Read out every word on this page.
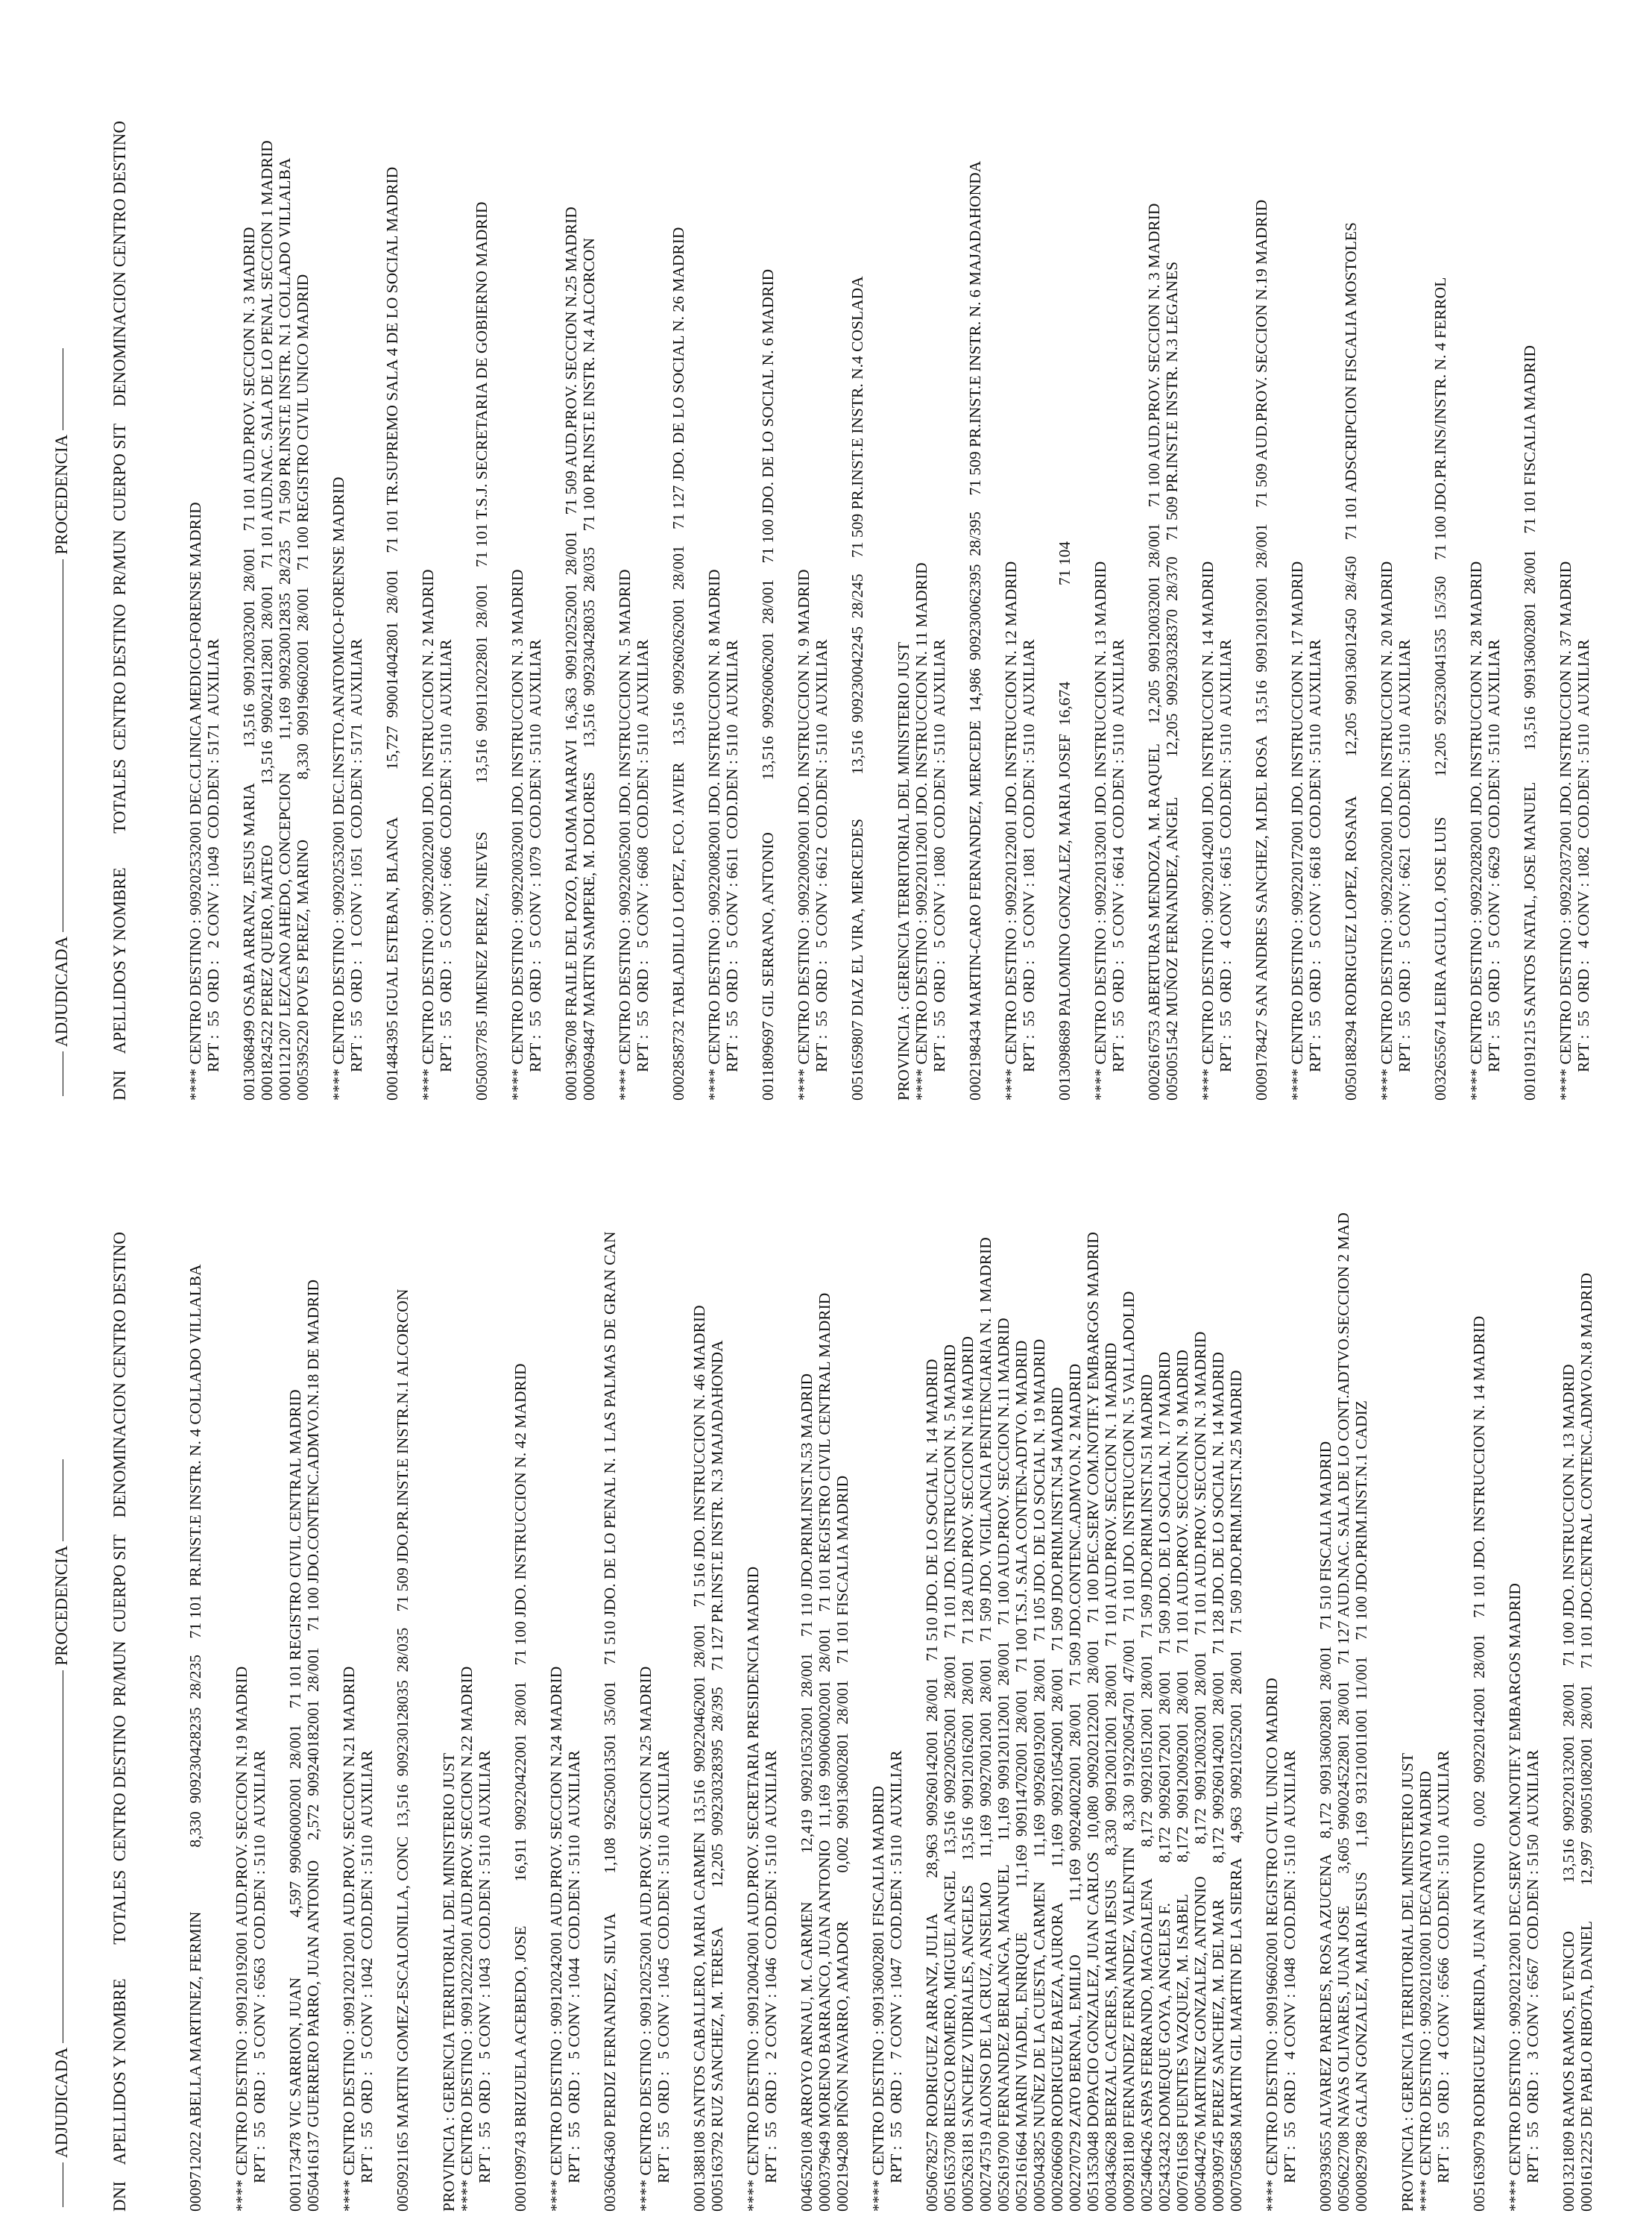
ADJUDICADAPROCEDENCIA

DNI    APELLIDOS Y NOMBRE        TOTALES  CENTRO DESTINO  PR/MUN  CUERPO SIT    DENOMINACION CENTRO DESTINO

	0009712022 ABELLA MARTINEZ, FERMIN                8,330  909230428235  28/235    71 101  PR.INST.E INSTR. N. 4 COLLADO VILLALBA **** CENTRO DESTINO : 909120192001 AUD.PROV. SECCION N.19 MADRID RPT :  55  ORD :   5 CONV : 6563  COD.DEN : 5110  AUXILIAR 0001173478 VIC SARRION, JUAN               4,597  990060002001  28/001    71 101 REGISTRO CIVIL CENTRAL MADRID 0050416137 GUERRERO PARRO, JUAN ANTONIO     2,572  909240182001  28/001    71 100 JDO.CONTENC.ADMVO.N.18 DE MADRID **** CENTRO DESTINO : 909120212001 AUD.PROV. SECCION N.21 MADRID RPT :  55  ORD :   5 CONV : 1042  COD.DEN : 5110  AUXILIAR 0050921165 MARTIN GOMEZ-ESCALONILLA, CONC  13,516  909230128035  28/035    71 509 JDO.PR.INST.E INSTR.N.1 ALCORCON PROVINCIA : GERENCIA TERRITORIAL DEL MINISTERIO JUST **** CENTRO DESTINO : 909120222001 AUD.PROV. SECCION N.22 MADRID RPT :  55  ORD :   5 CONV : 1043  COD.DEN : 5110  AUXILIAR 0001099743 BRIZUELA ACEBEDO, JOSE           16,911  909220422001  28/001    71 100 JDO. INSTRUCCION N. 42 MADRID **** CENTRO DESTINO : 909120242001 AUD.PROV. SECCION N.24 MADRID RPT :  55  ORD :   5 CONV : 1044  COD.DEN : 5110  AUXILIAR 0036064360 PERDIZ FERNANDEZ, SILVIA          1,108  926250013501  35/001    71 510 JDO. DE LO PENAL N. 1 LAS PALMAS DE GRAN CAN **** CENTRO DESTINO : 909120252001 AUD.PROV. SECCION N.25 MADRID RPT :  55  ORD :   5 CONV : 1045  COD.DEN : 5110  AUXILIAR 0001388108 SANTOS CABALLERO, MARIA CARMEN  13,516  909220462001  28/001    71 516 JDO. INSTRUCCION N. 46 MADRID 0005163792 RUZ SANCHEZ, M. TERESA          12,205  909230328395  28/395    71 127 PR.INST.E INSTR. N.3 MAJADAHONDA **** CENTRO DESTINO : 909120042001 AUD.PROV. SECRETARIA PRESIDENCIA MADRID RPT :  55  ORD :   2 CONV : 1046  COD.DEN : 5110  AUXILIAR 0046520108 ARROYO ARNAU, M. CARMEN            12,419  909210532001  28/001    71 110 JDO.PRIM.INST.N.53 MADRID 0000379649 MORENO BARRANCO, JUAN ANTONIO   11,169  990060002001  28/001    71 101 REGISTRO CIVIL CENTRAL MADRID 0002194208 PIÑON NAVARRO, AMADOR            0,002  909136002801  28/001    71 101 FISCALIA MADRID **** CENTRO DESTINO : 909136002801 FISCALIA MADRID RPT :  55  ORD :   7 CONV : 1047  COD.DEN : 5110  AUXILIAR 0050678257 RODRIGUEZ ARRANZ, JULIA         28,963  909260142001  28/001    71 510 JDO. DE LO SOCIAL N. 14 MADRID 0051653708 RIESCO ROMERO, MIGUEL ANGEL    13,516  909220052001  28/001    71 101 JDO. INSTRUCCION N. 5 MADRID 0005263181 SANCHEZ VIDRIALES, ANGELES      13,516  909120162001  28/001    71 128 AUD.PROV. SECCION N.16 MADRID 0002747519 ALONSO DE LA CRUZ, ANSELMO      11,169  909270012001  28/001    71 509 JDO. VIGILANCIA PENITENCIARIA N. 1 MADRID 0052619700 FERNANDEZ BERLANGA, MANUEL      11,169  909120112001  28/001    71 100 AUD.PROV. SECCION N.11 MADRID 0052161664 MARIN VIADEL, ENRIQUE           11,169  909114702001  28/001    71 100 T.S.J. SALA CONTEN-ADTVO. MADRID 0005043825 NUÑEZ DE LA CUESTA, CARMEN      11,169  909260192001  28/001    71 105 JDO. DE LO SOCIAL N. 19 MADRID 0002606609 RODRIGUEZ BAEZA, AURORA         11,169  909210542001  28/001    71 509 JDO.PRIM.INST.N.54 MADRID 0002270729 ZATO BERNAL, EMILIO             11,169  909240022001  28/001    71 509 JDO.CONTENC.ADMVO.N. 2 MADRID 0051353048 DOPACIO GONZALEZ, JUAN CARLOS   10,080  909202122001  28/001    71 100 DEC.SERV COM.NOTIF.Y EMBARGOS MADRID 0003436628 BERZAL CACERES, MARIA JESUS      8,330  909120012001  28/001    71 101 AUD.PROV. SECCION N. 1 MADRID 0009281180 FERNANDEZ FERNANDEZ, VALENTIN    8,330  919220054701  47/001    71 101 JDO. INSTRUCCION N. 5 VALLADOLID 0025406426 ASPAS FERRANDO, MAGDALENA        8,172  909210512001  28/001    71 509 JDO.PRIM.INST.N.51 MADRID 0025432432 DOMEQUE GOYA, ANGELES F.          8,172  909260172001  28/001    71 509 JDO. DE LO SOCIAL N. 17 MADRID 0007611658 FUENTES VAZQUEZ, M. ISABEL        8,172  909120092001  28/001    71 101 AUD.PROV. SECCION N. 9 MADRID 0005404276 MARTINEZ GONZALEZ, ANTONIO        8,172  909120032001  28/001    71 101 AUD.PROV. SECCION N. 3 MADRID 0009309745 PEREZ SANCHEZ, M. DEL MAR         8,172  909260142001  28/001    71 128 JDO. DE LO SOCIAL N. 14 MADRID 0007056858 MARTIN GIL MARTIN DE LA SIERRA    4,963  909210252001  28/001    71 509 JDO.PRIM.INST.N.25 MADRID **** CENTRO DESTINO : 909196602001 REGISTRO CIVIL UNICO MADRID RPT :  55  ORD :   4 CONV : 1048  COD.DEN : 5110  AUXILIAR 0009393655 ALVAREZ PAREDES, ROSA AZUCENA    8,172  909136002801  28/001    71 510 FISCALIA MADRID 0050622708 NAVAS OLIVARES, JUAN JOSE        3,605  990024522801  28/001    71 127 AUD.NAC. SALA DE LO CONT.ADTVO.SECCION 2 MAD 0000829788 GALAN GONZALEZ, MARIA JESUS      1,169  931210011001  11/001    71 100 JDO.PRIM.INST.N.1 CADIZ PROVINCIA : GERENCIA TERRITORIAL DEL MINISTERIO JUST **** CENTRO DESTINO : 909202102001 DECANATO MADRID RPT :  55  ORD :   4 CONV : 6566  COD.DEN : 5110  AUXILIAR 0051639079 RODRIGUEZ MERIDA, JUAN ANTONIO    0,002  909220142001  28/001    71 101 JDO. INSTRUCCION N. 14 MADRID **** CENTRO DESTINO : 909202122001 DEC.SERV COM.NOTIF.Y EMBARGOS MADRID RPT :  55  ORD :   3 CONV : 6567  COD.DEN : 5150  AUXILIAR 0001321809 RAMOS RAMOS, EVENCIO            13,516  909220132001  28/001    71 100 JDO. INSTRUCCION N. 13 MADRID 0001612225 DE PABLO RIBOTA, DANIEL         12,997  990051082001  28/001    71 101 JDO.CENTRAL CONTENC.ADMVO.N.8 MADRID

ADJUDICADAPROCEDENCIA

DNI    APELLIDOS Y NOMBRE        TOTALES  CENTRO DESTINO  PR/MUN  CUERPO SIT    DENOMINACION CENTRO DESTINO

**** CENTRO DESTINO : 909202532001 DEC.CLINICA MEDICO-FORENSE MADRID RPT :  55  ORD :   2 CONV : 1049  COD.DEN : 5171  AUXILIAR 0013068499 OSABA ARRANZ, JESUS MARIA         13,516  909120032001  28/001    71 101 AUD.PROV. SECCION N. 3 MADRID 0001824522 PEREZ QUERO, MATEO               13,516  990024112801  28/001    71 101 AUD.NAC. SALA DE LO PENAL SECCION 1 MADRID 0001121207 LEZCANO AHEDO, CONCEPCION        11,169  909230012835  28/235    71 509 PR.INST.E INSTR. N.1 COLLADO VILLALBA 0005395220 POVES PEREZ, MARINO               8,330  909196602001  28/001    71 100 REGISTRO CIVIL UNICO MADRID **** CENTRO DESTINO : 909202532001 DEC.INSTTO.ANATOMICO-FORENSE MADRID RPT :  55  ORD :   1 CONV : 1051  COD.DEN : 5171  AUXILIAR 0001484395 IGUAL ESTEBAN, BLANCA            15,727  990014042801  28/001    71 101 TR.SUPREMO SALA 4 DE LO SOCIAL MADRID **** CENTRO DESTINO : 909220022001 JDO. INSTRUCCION N. 2 MADRID RPT :  55  ORD :   5 CONV : 6606  COD.DEN : 5110  AUXILIAR 0050037785 JIMENEZ PEREZ, NIEVES            13,516  909112022801  28/001    71 101 T.S.J. SECRETARIA DE GOBIERNO MADRID **** CENTRO DESTINO : 909220032001 JDO. INSTRUCCION N. 3 MADRID RPT :  55  ORD :   5 CONV : 1079  COD.DEN : 5110  AUXILIAR 0001396708 FRAILE DEL POZO, PALOMA MARAVI  16,363  909120252001  28/001    71 509 AUD.PROV. SECCION N.25 MADRID 0000694847 MARTIN SAMPERE, M. DOLORES      13,516  909230428035  28/035    71 100 PR.INST.E INSTR. N.4 ALCORCON **** CENTRO DESTINO : 909220052001 JDO. INSTRUCCION N. 5 MADRID RPT :  55  ORD :   5 CONV : 6608  COD.DEN : 5110  AUXILIAR 0002858732 TABLADILLO LOPEZ, FCO. JAVIER    13,516  909260262001  28/001    71 127 JDO. DE LO SOCIAL N. 26 MADRID **** CENTRO DESTINO : 909220082001 JDO. INSTRUCCION N. 8 MADRID RPT :  55  ORD :   5 CONV : 6611  COD.DEN : 5110  AUXILIAR 0011809697 GIL SERRANO, ANTONIO             13,516  909260062001  28/001    71 100 JDO. DE LO SOCIAL N. 6 MADRID **** CENTRO DESTINO : 909220092001 JDO. INSTRUCCION N. 9 MADRID RPT :  55  ORD :   5 CONV : 6612  COD.DEN : 5110  AUXILIAR 0051659807 DIAZ EL VIRA, MERCEDES           13,516  909230042245  28/245    71 509 PR.INST.E INSTR. N.4 COSLADA PROVINCIA : GERENCIA TERRITORIAL DEL MINISTERIO JUST **** CENTRO DESTINO : 909220112001 JDO. INSTRUCCION N. 11 MADRID RPT :  55  ORD :   5 CONV : 1080  COD.DEN : 5110  AUXILIAR 0002198434 MARTIN-CARO FERNANDEZ, MERCEDE  14,986  909230062395  28/395    71 509 PR.INST.E INSTR. N. 6 MAJADAHONDA **** CENTRO DESTINO : 909220122001 JDO. INSTRUCCION N. 12 MADRID RPT :  55  ORD :   5 CONV : 1081  COD.DEN : 5110  AUXILIAR 0013098689 PALOMINO GONZALEZ, MARIA JOSEF  16,674                        71 104 **** CENTRO DESTINO : 909220132001 JDO. INSTRUCCION N. 13 MADRID RPT :  55  ORD :   5 CONV : 6614  COD.DEN : 5110  AUXILIAR 0002616753 ABERTURAS MENDOZA, M. RAQUEL     12,205  909120032001  28/001    71 100 AUD.PROV. SECCION N. 3 MADRID 0050051542 MUÑOZ FERNANDEZ, ANGEL          12,205  909230328370  28/370    71 509 PR.INST.E INSTR. N.3 LEGANES **** CENTRO DESTINO : 909220142001 JDO. INSTRUCCION N. 14 MADRID RPT :  55  ORD :   4 CONV : 6615  COD.DEN : 5110  AUXILIAR 0009178427 SAN ANDRES SANCHEZ, M.DEL ROSA   13,516  909120192001  28/001    71 509 AUD.PROV. SECCION N.19 MADRID **** CENTRO DESTINO : 909220172001 JDO. INSTRUCCION N. 17 MADRID RPT :  55  ORD :   5 CONV : 6618  COD.DEN : 5110  AUXILIAR 0050188294 RODRIGUEZ LOPEZ, ROSANA          12,205  990136012450  28/450    71 101 ADSCRIPCION FISCALIA MOSTOLES **** CENTRO DESTINO : 909220202001 JDO. INSTRUCCION N. 20 MADRID RPT :  55  ORD :   5 CONV : 6621  COD.DEN : 5110  AUXILIAR 0032655674 LEIRA AGULLO, JOSE LUIS          12,205  925230041535  15/350    71 100 JDO.PR.INS/INSTR. N. 4 FERROL **** CENTRO DESTINO : 909220282001 JDO. INSTRUCCION N. 28 MADRID RPT :  55  ORD :   5 CONV : 6629  COD.DEN : 5110  AUXILIAR 0010191215 SANTOS NATAL, JOSE MANUEL        13,516  909136002801  28/001    71 101 FISCALIA MADRID **** CENTRO DESTINO : 909220372001 JDO. INSTRUCCION N. 37 MADRID RPT :  55  ORD :   4 CONV : 1082  COD.DEN : 5110  AUXILIAR
